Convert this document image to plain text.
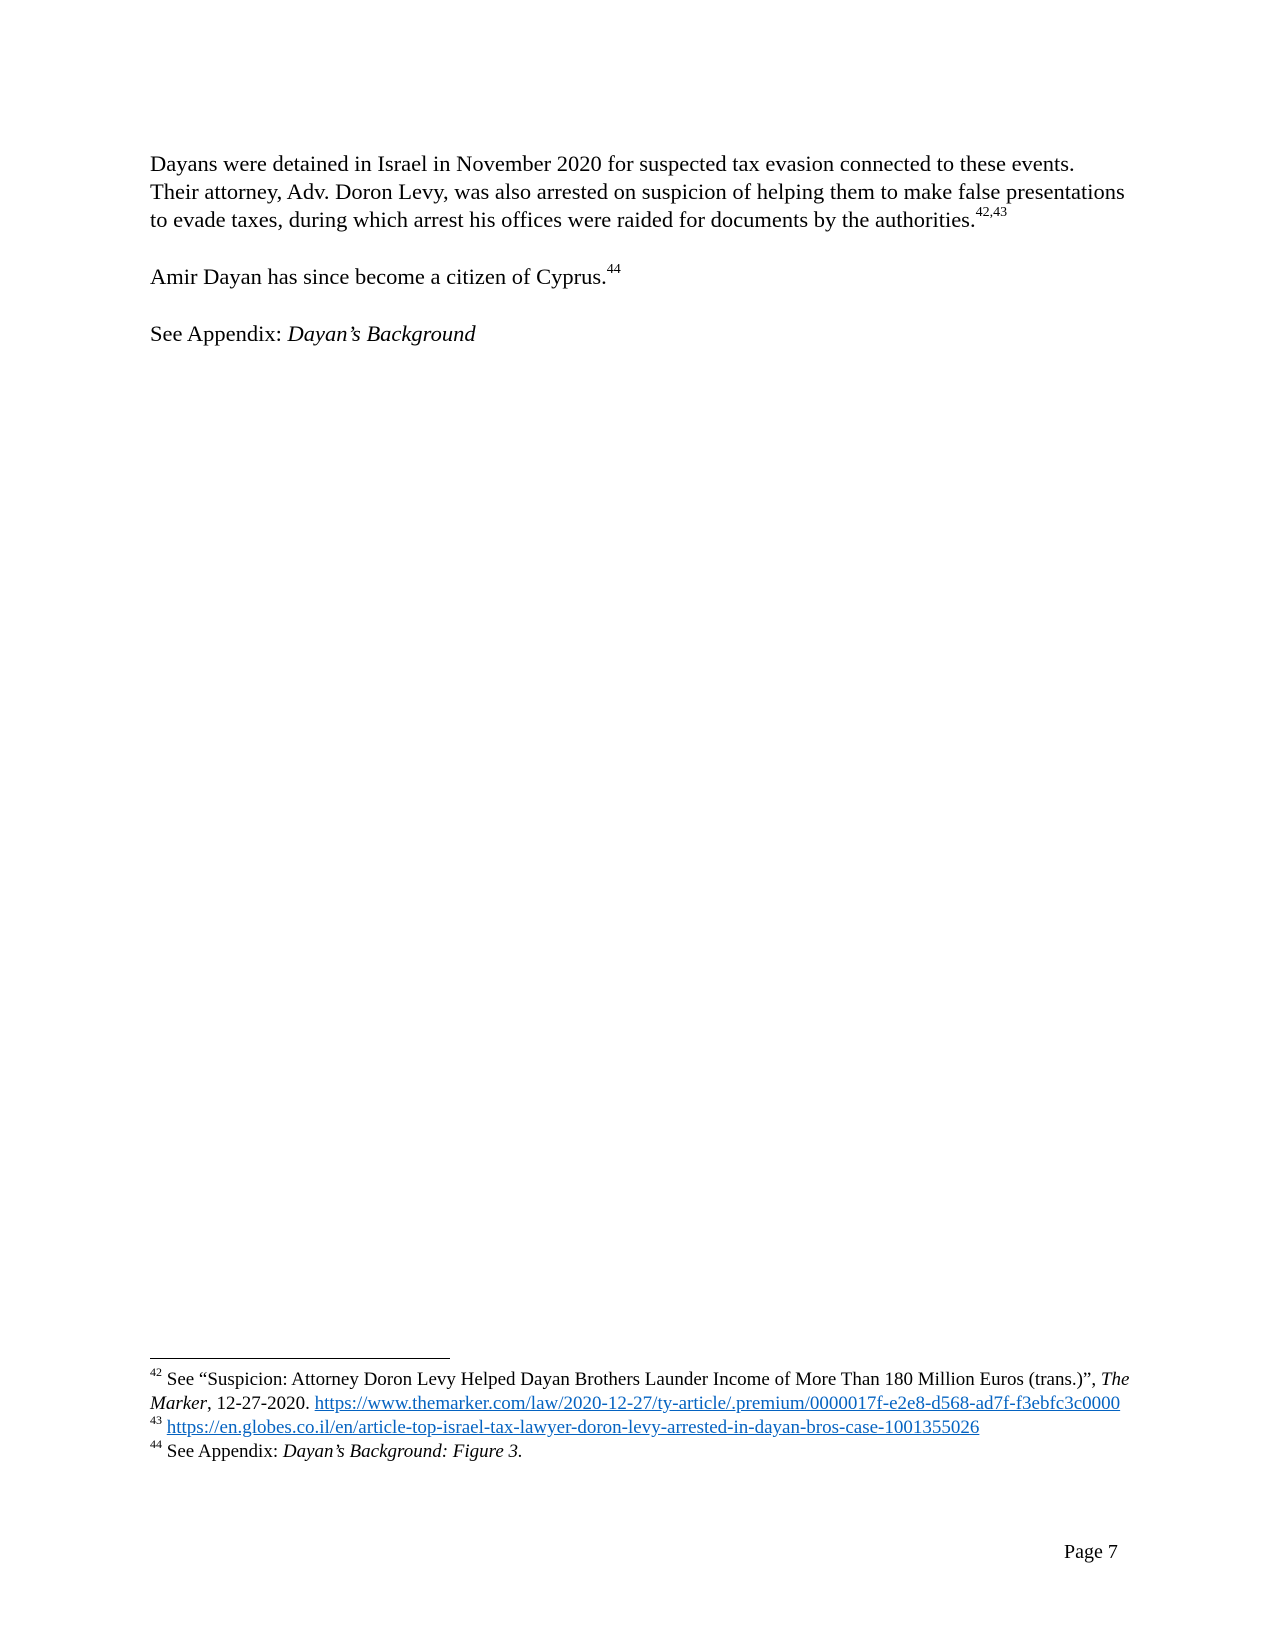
Dayans were detained in Israel in November 2020 for suspected tax evasion connected to these events. Their attorney, Adv. Doron Levy, was also arrested on suspicion of helping them to make false presentations to evade taxes, during which arrest his offices were raided for documents by the authorities.$^{42,43}$

Amir Dayan has since become a citizen of Cyprus.$^{44}$

See Appendix: Dayan’s Background

$^{42}$ See “Suspicion: Attorney Doron Levy Helped Dayan Brothers Launder Income of More Than 180 Million Euros (trans.)”, The Marker, 12-27-2020. https://www.themarker.com/law/2020-12-27/ty-article/.premium/0000017f-e2e8-d568-ad7f-f3ebfc3c0000

$^{43}$ https://en.globes.co.il/en/article-top-israel-tax-lawyer-doron-levy-arrested-in-dayan-bros-case-1001355026

$^{44}$ See Appendix: Dayan’s Background: Figure 3.

Page 7
